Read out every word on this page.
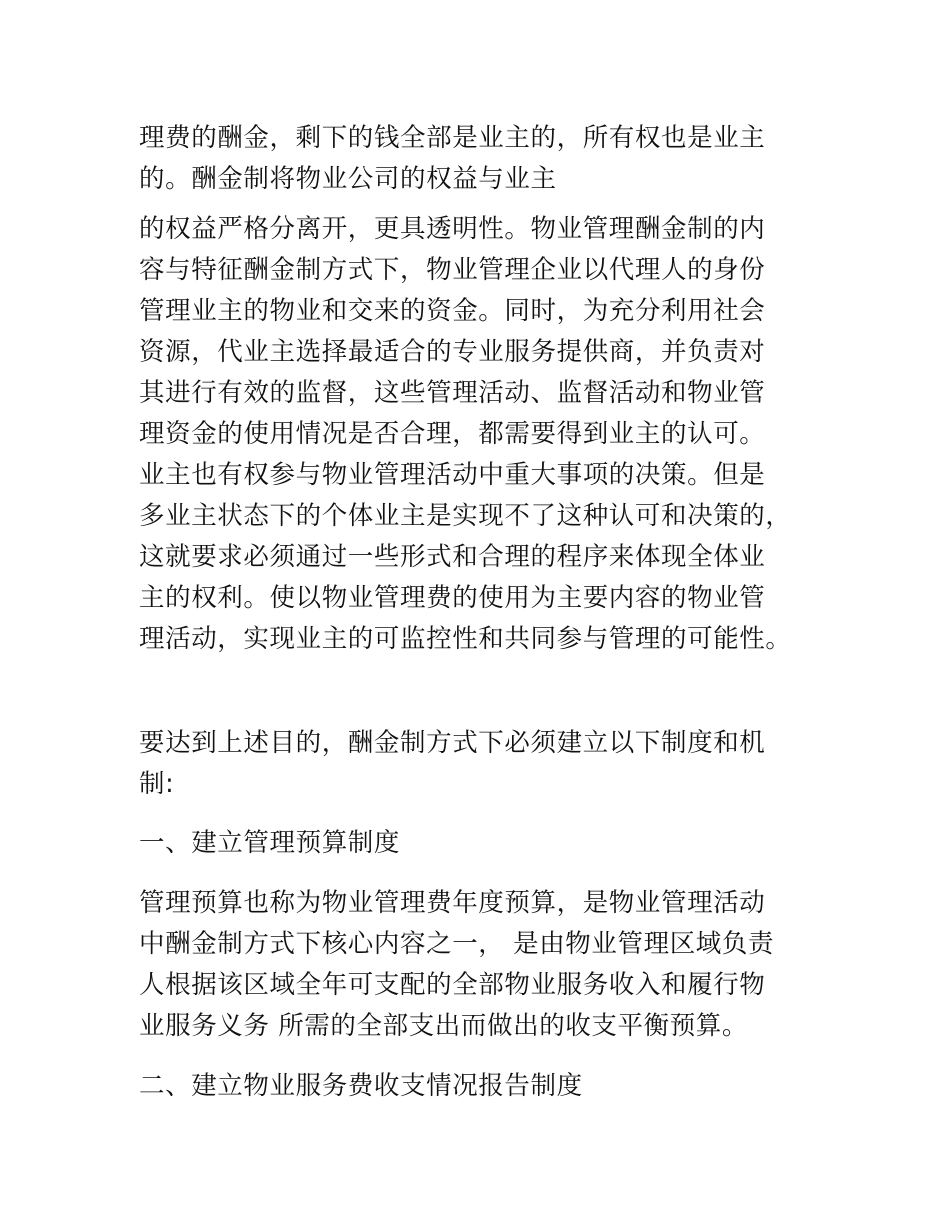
理费的酬金，剩下的钱全部是业主的，所有权也是业主
的。酬金制将物业公司的权益与业主

的权益严格分离开，更具透明性。物业管理酬金制的内
容与特征酬金制方式下，物业管理企业以代理人的身份
管理业主的物业和交来的资金。同时，为充分利用社会
资源，代业主选择最适合的专业服务提供商，并负责对
其进行有效的监督，这些管理活动、监督活动和物业管
理资金的使用情况是否合理，都需要得到业主的认可。
业主也有权参与物业管理活动中重大事项的决策。但是
多业主状态下的个体业主是实现不了这种认可和决策的，
这就要求必须通过一些形式和合理的程序来体现全体业
主的权利。使以物业管理费的使用为主要内容的物业管
理活动，实现业主的可监控性和共同参与管理的可能性。

要达到上述目的，酬金制方式下必须建立以下制度和机
制:

一、建立管理预算制度

管理预算也称为物业管理费年度预算，是物业管理活动
中酬金制方式下核心内容之一， 是由物业管理区域负责
人根据该区域全年可支配的全部物业服务收入和履行物
业服务义务 所需的全部支出而做出的收支平衡预算。

二、建立物业服务费收支情况报告制度
